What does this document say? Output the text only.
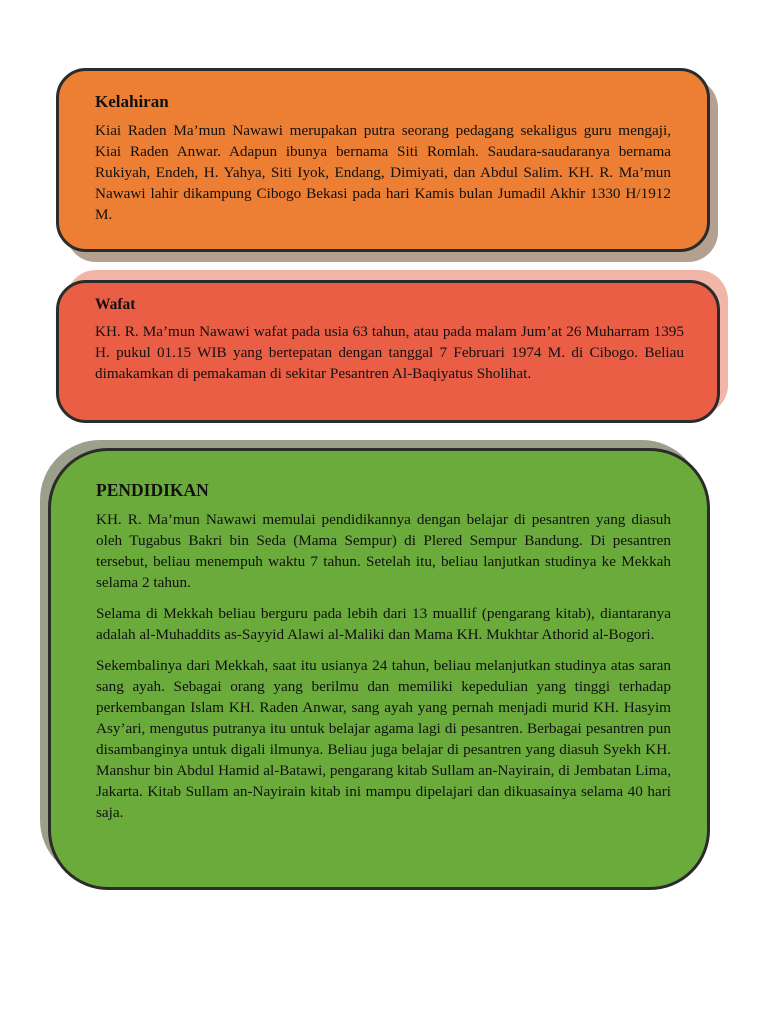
Kelahiran

Kiai Raden Ma’mun Nawawi merupakan putra seorang pedagang sekaligus guru mengaji, Kiai Raden Anwar. Adapun ibunya bernama Siti Romlah. Saudara-saudaranya bernama Rukiyah, Endeh, H. Yahya, Siti Iyok, Endang, Dimiyati, dan Abdul Salim. KH. R. Ma’mun Nawawi lahir dikampung Cibogo Bekasi pada hari Kamis bulan Jumadil Akhir 1330 H/1912 M.

Wafat

KH. R. Ma’mun Nawawi wafat pada usia 63 tahun, atau pada malam Jum’at 26 Muharram 1395 H. pukul 01.15 WIB yang bertepatan dengan tanggal 7 Februari 1974 M. di Cibogo. Beliau dimakamkan di pemakaman di sekitar Pesantren Al-Baqiyatus Sholihat.

PENDIDIKAN

KH. R. Ma’mun Nawawi memulai pendidikannya dengan belajar di pesantren yang diasuh oleh Tugabus Bakri bin Seda (Mama Sempur) di Plered Sempur Bandung. Di pesantren tersebut, beliau menempuh waktu 7 tahun. Setelah itu, beliau lanjutkan studinya ke Mekkah selama 2 tahun.

Selama di Mekkah beliau berguru pada lebih dari 13 muallif (pengarang kitab), diantaranya adalah al-Muhaddits as-Sayyid Alawi al-Maliki dan Mama KH. Mukhtar Athorid al-Bogori.

Sekembalinya dari Mekkah, saat itu usianya 24 tahun, beliau melanjutkan studinya atas saran sang ayah. Sebagai orang yang berilmu dan memiliki kepedulian yang tinggi terhadap perkembangan Islam KH. Raden Anwar, sang ayah yang pernah menjadi murid KH. Hasyim Asy’ari, mengutus putranya itu untuk belajar agama lagi di pesantren. Berbagai pesantren pun disambanginya untuk digali ilmunya. Beliau juga belajar di pesantren yang diasuh Syekh KH. Manshur bin Abdul Hamid al-Batawi, pengarang kitab Sullam an-Nayirain, di Jembatan Lima, Jakarta. Kitab Sullam an-Nayirain kitab ini mampu dipelajari dan dikuasainya selama 40 hari saja.
